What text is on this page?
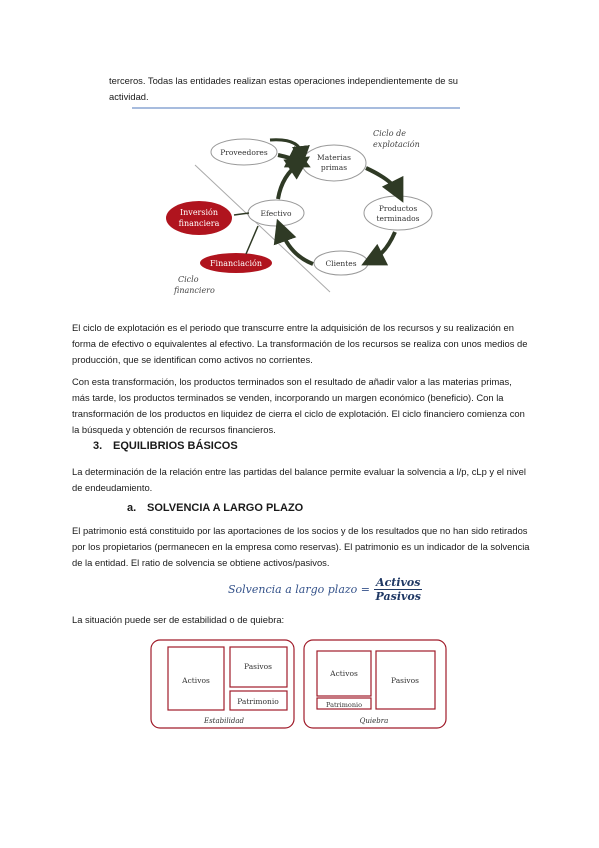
terceros. Todas las entidades realizan estas operaciones independientemente de su

actividad.

Ciclo de
explotación
Proveedores
Materias
primas
Productos
terminados
Clientes
Efectivo
Inversión
financiera
Financiación
Ciclo
financiero

El ciclo de explotación es el periodo que transcurre entre la adquisición de los recursos y su realización en forma de efectivo o equivalentes al efectivo. La transformación de los recursos se realiza con unos medios de producción, que se identifican como activos no corrientes.

Con esta transformación, los productos terminados son el resultado de añadir valor a las materias primas, más tarde, los productos terminados se venden, incorporando un margen económico (beneficio). Con la transformación de los productos en liquidez de cierra el ciclo de explotación. El ciclo financiero comienza con la búsqueda y obtención de recursos financieros.

3. EQUILIBRIOS BÁSICOS

La determinación de la relación entre las partidas del balance permite evaluar la solvencia a l/p, cLp y el nivel de endeudamiento.

a. SOLVENCIA A LARGO PLAZO

El patrimonio está constituido por las aportaciones de los socios y de los resultados que no han sido retirados por los propietarios (permanecen en la empresa como reservas). El patrimonio es un indicador de la solvencia de la entidad. El ratio de solvencia se obtiene activos/pasivos.

Solvencia a largo plazo = $\frac{\text{Activos}}{\text{Pasivos}}$

La situación puede ser de estabilidad o de quiebra:

Activos
Pasivos
Patrimonio
Estabilidad
Activos
Patrimonio
Pasivos
Quiebra
